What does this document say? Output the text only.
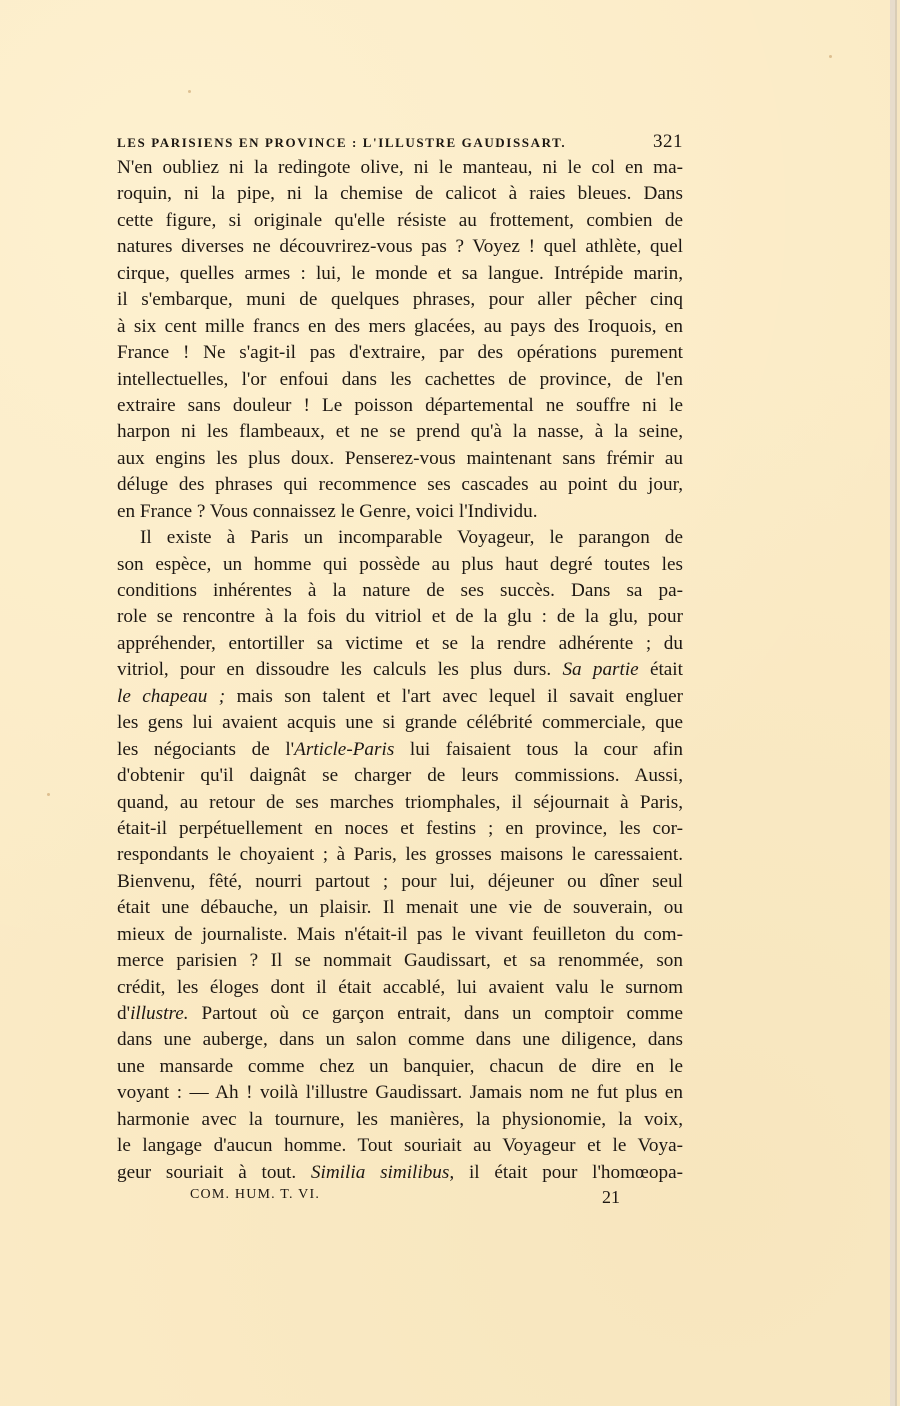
LES PARISIENS EN PROVINCE : L'ILLUSTRE GAUDISSART.	321
N'en oubliez ni la redingote olive, ni le manteau, ni le col en ma-
roquin, ni la pipe, ni la chemise de calicot à raies bleues. Dans
cette figure, si originale qu'elle résiste au frottement, combien de
natures diverses ne découvrirez-vous pas ? Voyez ! quel athlète, quel
cirque, quelles armes : lui, le monde et sa langue. Intrépide marin,
il s'embarque, muni de quelques phrases, pour aller pêcher cinq
à six cent mille francs en des mers glacées, au pays des Iroquois, en
France ! Ne s'agit-il pas d'extraire, par des opérations purement
intellectuelles, l'or enfoui dans les cachettes de province, de l'en
extraire sans douleur ! Le poisson départemental ne souffre ni le
harpon ni les flambeaux, et ne se prend qu'à la nasse, à la seine,
aux engins les plus doux. Penserez-vous maintenant sans frémir au
déluge des phrases qui recommence ses cascades au point du jour,
en France ? Vous connaissez le Genre, voici l'Individu.
Il existe à Paris un incomparable Voyageur, le parangon de
son espèce, un homme qui possède au plus haut degré toutes les
conditions inhérentes à la nature de ses succès. Dans sa pa-
role se rencontre à la fois du vitriol et de la glu : de la glu, pour
appréhender, entortiller sa victime et se la rendre adhérente ; du
vitriol, pour en dissoudre les calculs les plus durs. Sa partie était
le chapeau ; mais son talent et l'art avec lequel il savait engluer
les gens lui avaient acquis une si grande célébrité commerciale, que
les négociants de l'Article-Paris lui faisaient tous la cour afin
d'obtenir qu'il daignât se charger de leurs commissions. Aussi,
quand, au retour de ses marches triomphales, il séjournait à Paris,
était-il perpétuellement en noces et festins ; en province, les cor-
respondants le choyaient ; à Paris, les grosses maisons le caressaient.
Bienvenu, fêté, nourri partout ; pour lui, déjeuner ou dîner seul
était une débauche, un plaisir. Il menait une vie de souverain, ou
mieux de journaliste. Mais n'était-il pas le vivant feuilleton du com-
merce parisien ? Il se nommait Gaudissart, et sa renommée, son
crédit, les éloges dont il était accablé, lui avaient valu le surnom
d'illustre. Partout où ce garçon entrait, dans un comptoir comme
dans une auberge, dans un salon comme dans une diligence, dans
une mansarde comme chez un banquier, chacun de dire en le
voyant : — Ah ! voilà l'illustre Gaudissart. Jamais nom ne fut plus en
harmonie avec la tournure, les manières, la physionomie, la voix,
le langage d'aucun homme. Tout souriait au Voyageur et le Voya-
geur souriait à tout. Similia similibus, il était pour l'homœopa-
COM. HUM. T. VI.	21
